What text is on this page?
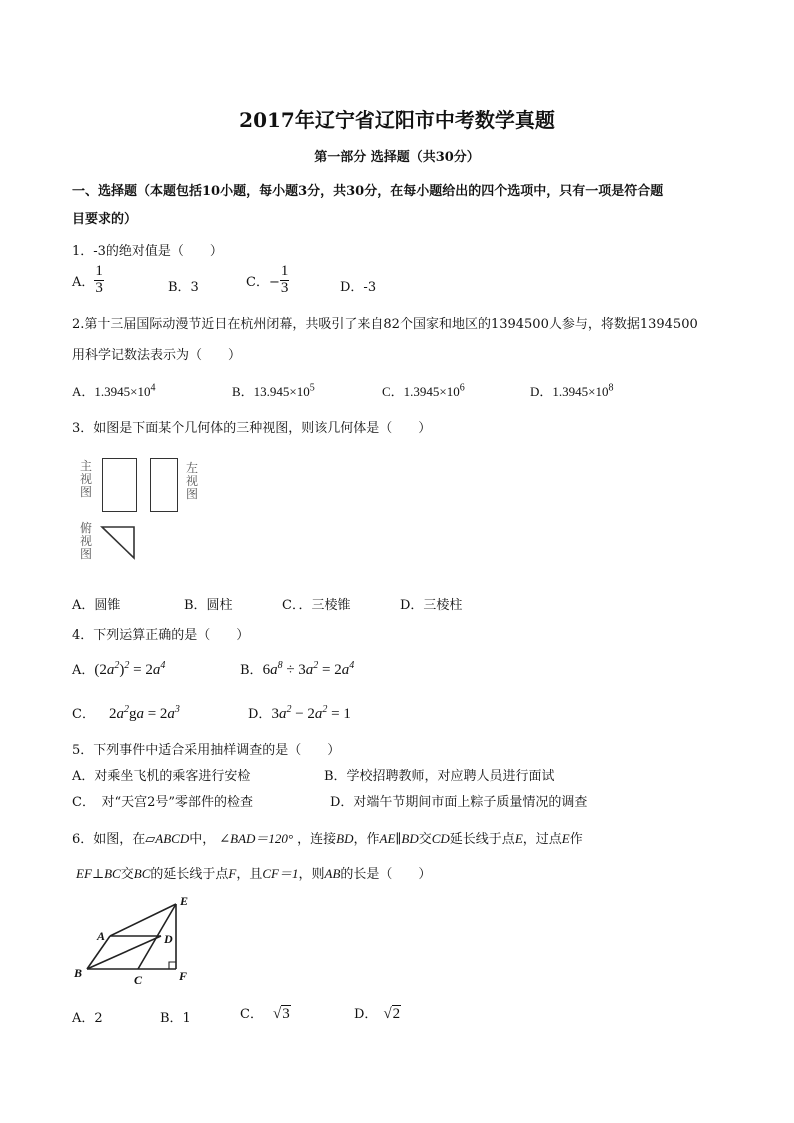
2017年辽宁省辽阳市中考数学真题
第一部分 选择题（共30分）
一、选择题（本题包括10小题，每小题3分，共30分，在每小题给出的四个选项中，只有一项是符合题
目要求的）
1．-3的绝对值是（　　）
A． $\frac{1}{3}$	B．3	C．− $\frac{1}{3}$	D．-3
2.第十三届国际动漫节近日在杭州闭幕，共吸引了来自82个国家和地区的1394500人参与，将数据1394500
用科学记数法表示为（　　）
A．$1.3945\times 10^4$	B．$13.945\times 10^5$	C．$1.3945\times 10^6$	D．$1.3945\times 10^8$
3．如图是下面某个几何体的三种视图，则该几何体是（　　）
主视图
左视图
俯视图
A．圆锥	B．圆柱	C．．三棱锥	D．三棱柱
4．下列运算正确的是（　　）
A．$(2a^2)^2 = 2a^4$	B．$6a^8 \div 3a^2 = 2a^4$
C． $2a^2ga = 2a^3$	D．$3a^2 - 2a^2 = 1$
5．下列事件中适合采用抽样调查的是（　　）
A．对乘坐飞机的乘客进行安检	B．学校招聘教师，对应聘人员进行面试
C．　对“天宫2号”零部件的检查	D．对端午节期间市面上粽子质量情况的调查
6．如图，在▱ABCD中， ∠BAD＝120° ，连接BD，作AE∥BD交CD延长线于点E，过点E作
EF⊥BC交BC的延长线于点F，且CF＝1，则AB的长是（　　）
A
B	C
D
E
F
A．2	B．1	C． √3	D． √2
